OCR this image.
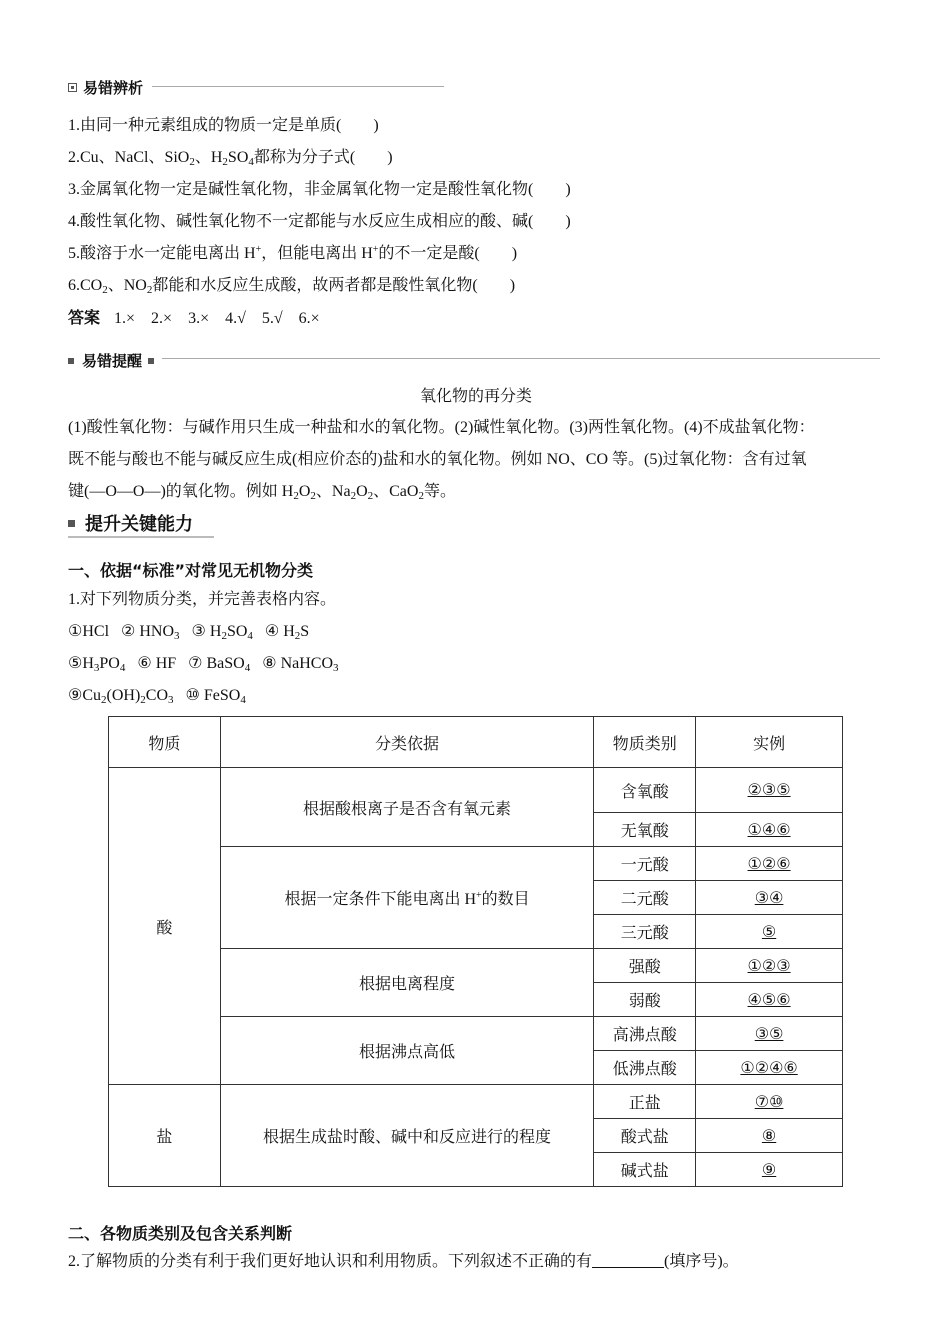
易错辨析
1.由同一种元素组成的物质一定是单质(　　)
2.Cu、NaCl、SiO$_2$、$H_2SO_4$都称为分子式(　　)
3.金属氧化物一定是碱性氧化物，非金属氧化物一定是酸性氧化物(　　)
4.酸性氧化物、碱性氧化物不一定都能与水反应生成相应的酸、碱(　　)
5.酸溶于水一定能电离出 H+，但能电离出 H+的不一定是酸(　　)
$6.CO_2$、$NO_2$都能和水反应生成酸，故两者都是酸性氧化物(　　)
答案 1.×　2.×　3.×　4.√　5.√　6.×
易错提醒
氧化物的再分类
(1)酸性氧化物：与碱作用只生成一种盐和水的氧化物。(2)碱性氧化物。(3)两性氧化物。(4)不成盐氧化物：
既不能与酸也不能与碱反应生成(相应价态的)盐和水的氧化物。例如 NO、CO 等。(5)过氧化物：含有过氧
键(—O—O—)的氧化物。例如 $H_2O_2$、$Na_2O_2$、CaO$_2$等。
提升关键能力
一、依据“标准”对常见无机物分类
1.对下列物质分类，并完善表格内容。
①HCl ② $HNO_3$ ③ $H_2SO_4$ ④ $H_2S$
$⑤H_3PO_4$ ⑥ HF ⑦ BaSO$_4$ ⑧ NaHCO$_3$
$⑨Cu_2(OH)_2CO_3$ ⑩ FeSO$_4$
物质	分类依据	物质类别	实例
酸	根据酸根离子是否含有氧元素	含氧酸	②③⑤
		无氧酸	①④⑥
	根据一定条件下能电离出 H+的数目	一元酸	①②⑥
		二元酸	③④
		三元酸	⑤
	根据电离程度	强酸	①②③
		弱酸	④⑤⑥
	根据沸点高低	高沸点酸	③⑤
		低沸点酸	①②④⑥
盐	根据生成盐时酸、碱中和反应进行的程度	正盐	⑦⑩
		酸式盐	⑧
		碱式盐	⑨
二、各物质类别及包含关系判断
2.了解物质的分类有利于我们更好地认识和利用物质。下列叙述不正确的有	(填序号)。
